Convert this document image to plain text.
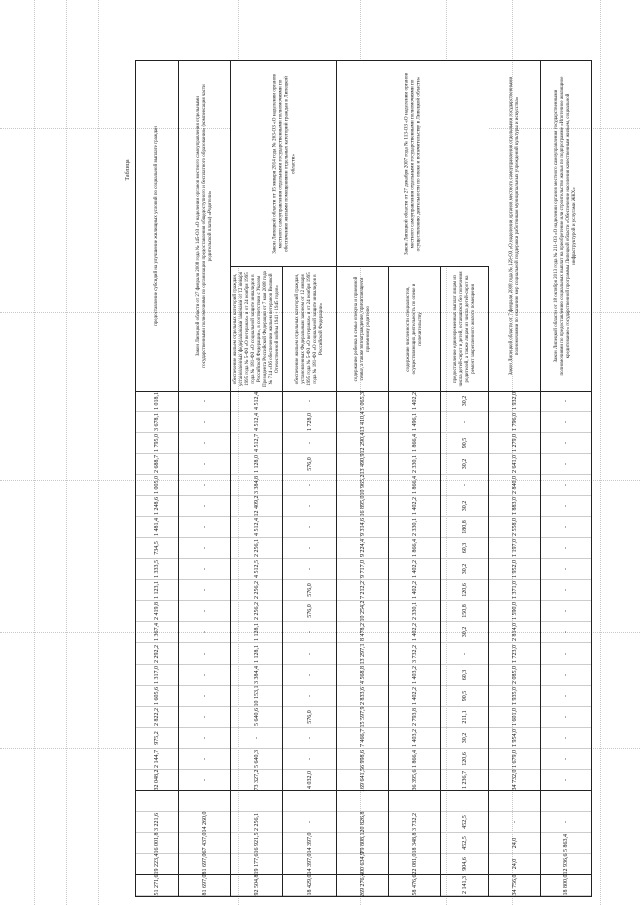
Таблица	предоставление субсидий на улучшение жилищных условий по социальной выплате граждан
1 018,1
3 678,1
1 795,0
2 688,7
1 005,0
1 248,6
1 481,4
734,5
1 333,5
1 123,1
2 419,8
1 367,4
2 292,2
1 317,0
1 605,6
2 822,2
975,2
2 144,7
32 048,2
3 221,6
16 001,8
19 223,4
51 271,6
Закон Липецкой области от 27 февраля 2008 года № 145-ОЗ «О наделении органов местного самоуправления отдельными государственными полномочиями по организации предоставления общедоступного и бесплатного образования» (компенсация части родительской платы) «Родители»
-
-
-
-
-
-
-
-
-
-
-
-
-
-
-
-
-
-
-
14 260,0
67 437,0
81 697,0
81 697,0
обеспечение жильем отдельных категорий граждан, установленных федеральными законами от 12 января 1995 года № 5-ФЗ «О ветеранах» и от 24 ноября 1995 года № 181-ФЗ «О социальной защите инвалидов в Российской Федерации», в соответствии с Указом Президента Российской Федерации от 7 мая 2008 года № 714 «Об обеспечении жильем ветеранов Великой Отечественной войны 1941 - 1945 годов»
4 512,4
4 512,4
4 512,7
1 128,0
3 384,8
12 409,2
4 512,4
2 256,1
4 512,5
2 256,2
2 256,2
1 128,1
1 128,1
3 384,4
10 153,1
5 640,6
-
5 640,3
73 327,2
2 256,1
16 921,5
19 177,6
92 504,8
обеспечение жильем отдельных категорий граждан, установленных Федеральным законом от 12 января 1995 года № 5-ФЗ «О ветеранах» и от 24 ноября 1995 года № 181-ФЗ «О социальной защите инвалидов в Российской Федерации»
-
1 728,0
-
576,0
-
-
-
-
-
576,0
576,0
-
-
-
-
576,0
-
-
4 032,0
-
14 397,0
14 397,0
18 429,0
содержание ребенка в семье опекуна и приемной семье, а также вознаграждение, причитающееся приемному родителю
5 065,3
13 410,4
12 290,4
13 490,9
10 965,2
16 895,0
9 314,6
9 224,4
9 717,0
7 212,2
10 254,2
8 478,2
13 297,1
4 568,8
2 833,6
15 597,9
7 466,7
6 998,6
169 641,5
20 826,8
79 808,1
100 634,9
269 276,4
содержание численности специалистов, осуществляющих деятельность по опеке и попечительству
1 402,2
1 496,1
1 866,4
2 330,1
1 866,4
1 402,2
2 330,1
1 866,4
1 402,2
1 402,2
2 330,1
1 402,2
3 732,2
1 403,2
1 402,2
2 793,8
1 403,2
1 866,4
36 395,6
3 732,2
18 348,8
22 081,0
58 476,6
предоставление единовременных выплат лицам из числа детей-сирот и детей, оставшихся без попечения родителей, а также лицам из числа детей-сирот на ремонт закрепленного жилого помещения
30,2
-
90,5
30,2
-
30,2
180,8
60,3
30,2
120,6
150,8
30,2
-
60,3
90,5
211,1
30,2
120,6
1 236,7
452,5
452,5
904,6
2 141,3
Закон Липецкой области от 7 февраля 2008 года № 129-ОЗ «О наделении органов местного самоуправления отдельными государственными полномочиями по оказанию мер социальной поддержки работникам муниципальных учреждений культуры и искусства»
1 932,0
1 796,0
1 279,0
2 641,0
2 840,0
1 883,0
2 558,0
1 197,0
1 952,0
1 371,0
1 590,0
2 814,0
1 723,0
2 085,0
1 935,0
1 601,0
1 954,0
1 679,0
34 732,0
-
24,0
24,0
34 756,0
Закон Липецкой области от 18 октября 2013 года № 211-ОЗ «О наделении органов местного самоуправления государственными полномочиями по предоставлению социальных выплат на приобретение или строительство жилья по подпрограмме «Ипотечное жилищное кредитование» государственной программы Липецкой области «Обеспечение населения качественным жильем, социальной инфраструктурой и услугами ЖКХ»
-
-
-
-
-
-
-
-
-
-
-
-
-
-
-
-
-
-
-
-
5 863,4
12 936,6
18 800,0
Закон Липецкой области от 15 января 2014 года № 263-ОЗ «О наделении органов местного самоуправления отдельными государственными полномочиями по обеспечению жилыми помещениями отдельных категорий граждан в Липецкой области»	Закон Липецкой области от 27 декабря 2007 года № 113-ОЗ «О наделении органов местного самоуправления отдельными государственными полномочиями по осуществлению деятельности по опеке и попечительству в Липецкой области»
